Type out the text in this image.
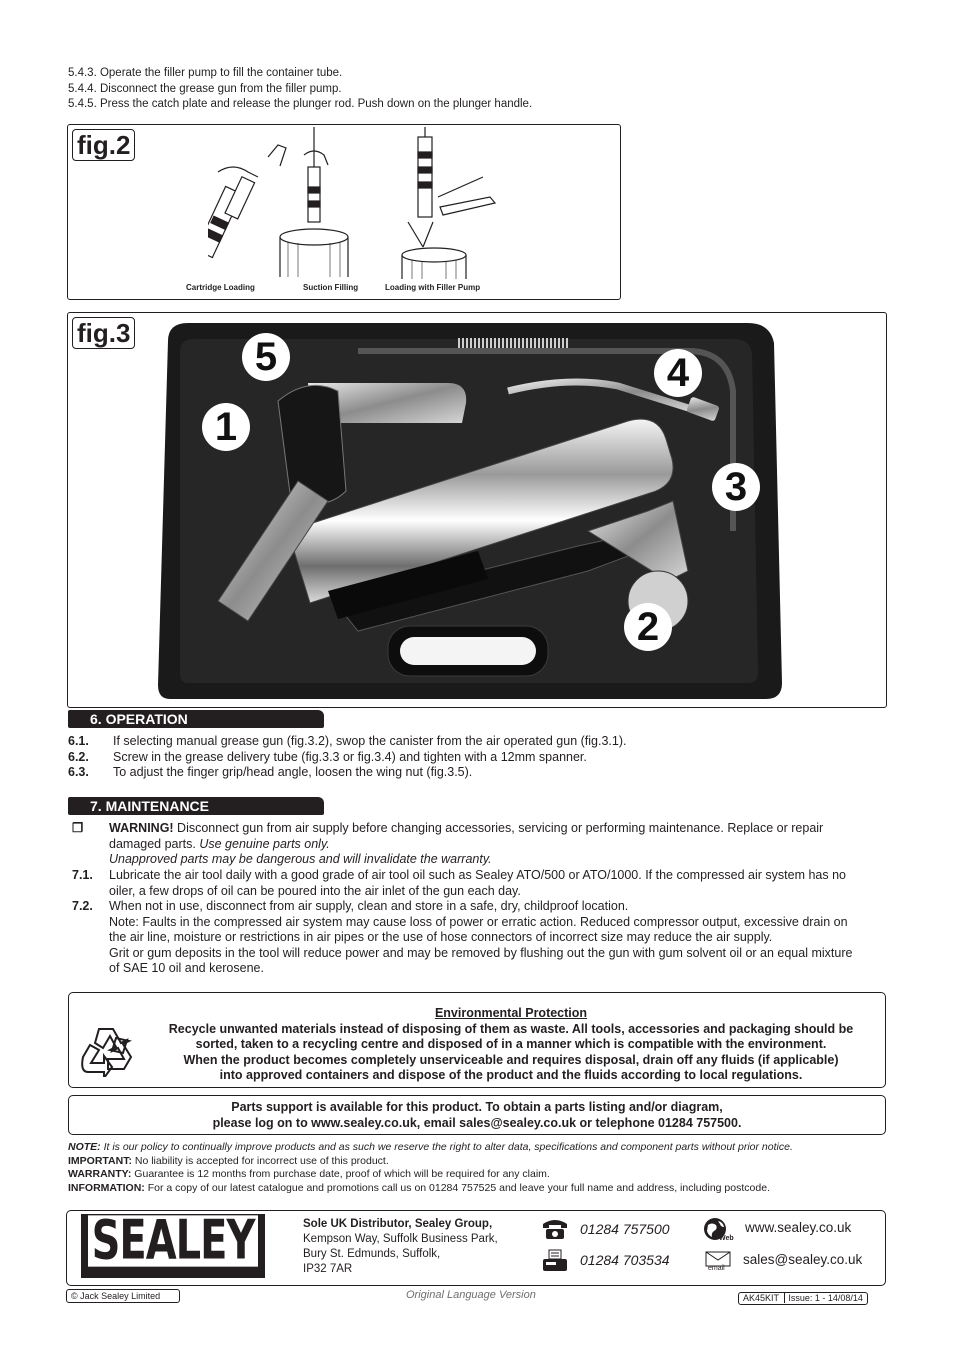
5.4.3. Operate the filler pump to fill the container tube.
5.4.4. Disconnect the grease gun from the filler pump.
5.4.5. Press the catch plate and release the plunger rod. Push down on the plunger handle.
fig.2
Cartridge Loading	Suction Filling	Loading with Filler Pump
fig.3
5
1
4
3
2
6. OPERATION
6.1. If selecting manual grease gun (fig.3.2), swop the canister from the air operated gun (fig.3.1).
6.2. Screw in the grease delivery tube (fig.3.3 or fig.3.4) and tighten with a 12mm spanner.
6.3. To adjust the finger grip/head angle, loosen the wing nut (fig.3.5).
7. MAINTENANCE
❒ WARNING! Disconnect gun from air supply before changing accessories, servicing or performing maintenance. Replace or repair
damaged parts. Use genuine parts only.
Unapproved parts may be dangerous and will invalidate the warranty.
7.1. Lubricate the air tool daily with a good grade of air tool oil such as Sealey ATO/500 or ATO/1000. If the compressed air system has no
oiler, a few drops of oil can be poured into the air inlet of the gun each day.
7.2. When not in use, disconnect from air supply, clean and store in a safe, dry, childproof location.
Note: Faults in the compressed air system may cause loss of power or erratic action. Reduced compressor output, excessive drain on
the air line, moisture or restrictions in air pipes or the use of hose connectors of incorrect size may reduce the air supply.
Grit or gum deposits in the tool will reduce power and may be removed by flushing out the gun with gum solvent oil or an equal mixture
of SAE 10 oil and kerosene.
Environmental Protection
Recycle unwanted materials instead of disposing of them as waste. All tools, accessories and packaging should be
sorted, taken to a recycling centre and disposed of in a manner which is compatible with the environment.
When the product becomes completely unserviceable and requires disposal, drain off any fluids (if applicable)
into approved containers and dispose of the product and the fluids according to local regulations.
Parts support is available for this product. To obtain a parts listing and/or diagram,
please log on to www.sealey.co.uk, email sales@sealey.co.uk or telephone 01284 757500.
NOTE: It is our policy to continually improve products and as such we reserve the right to alter data, specifications and component parts without prior notice.
IMPORTANT: No liability is accepted for incorrect use of this product.
WARRANTY: Guarantee is 12 months from purchase date, proof of which will be required for any claim.
INFORMATION: For a copy of our latest catalogue and promotions call us on 01284 757525 and leave your full name and address, including postcode.
SEALEY	Sole UK Distributor, Sealey Group,
Kempson Way, Suffolk Business Park,
Bury St. Edmunds, Suffolk,
IP32 7AR
01284 757500
01284 703534
Web
www.sealey.co.uk
email
sales@sealey.co.uk
© Jack Sealey Limited	Original Language Version	AK45KIT Issue: 1 - 14/08/14
